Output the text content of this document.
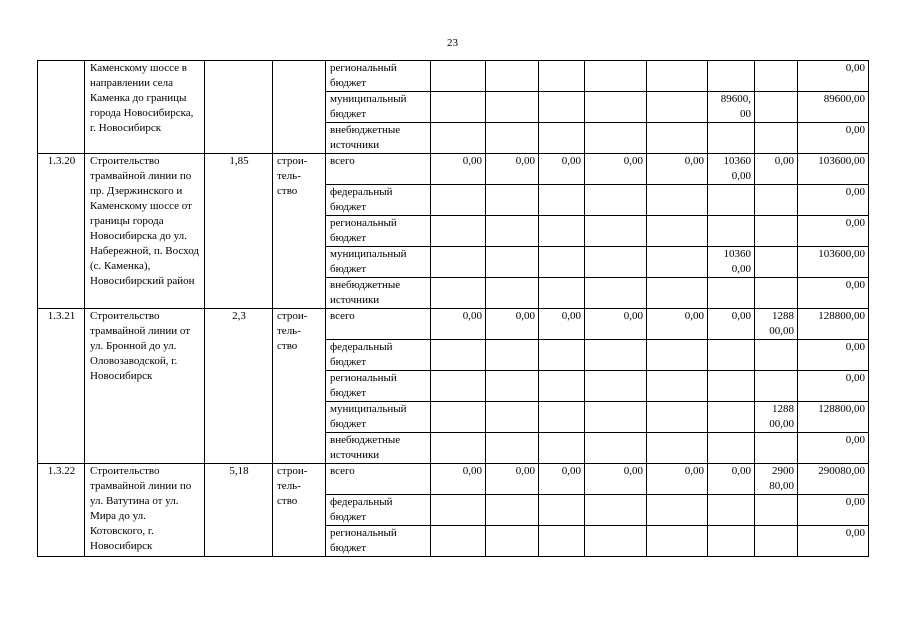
23
	Каменскому шоссе в направлении села Каменка до границы города Новосибирска, г. Новосибирск			региональный бюджет								0,00
				муниципальный бюджет						89600,
00		89600,00
				внебюджетные источники								0,00
1.3.20	Строительство трамвайной линии по пр. Дзержинского и Каменскому шоссе от границы города Новосибирска до ул. Набережной, п. Восход (с. Каменка), Новосибирский район	1,85	строи-
тель-
ство	всего	0,00	0,00	0,00	0,00	0,00	10360
0,00	0,00	103600,00
				федеральный бюджет								0,00
				региональный бюджет								0,00
				муниципальный бюджет						10360
0,00		103600,00
				внебюджетные источники								0,00
1.3.21	Строительство трамвайной линии от ул. Бронной до ул. Оловозаводской, г. Новосибирск	2,3	строи-
тель-
ство	всего	0,00	0,00	0,00	0,00	0,00	0,00	1288
00,00	128800,00
				федеральный бюджет								0,00
				региональный бюджет								0,00
				муниципальный бюджет							1288
00,00	128800,00
				внебюджетные источники								0,00
1.3.22	Строительство трамвайной линии по ул. Ватутина от ул. Мира до ул. Котовского, г. Новосибирск	5,18	строи-
тель-
ство	всего	0,00	0,00	0,00	0,00	0,00	0,00	2900
80,00	290080,00
				федеральный бюджет								0,00
				региональный бюджет								0,00
